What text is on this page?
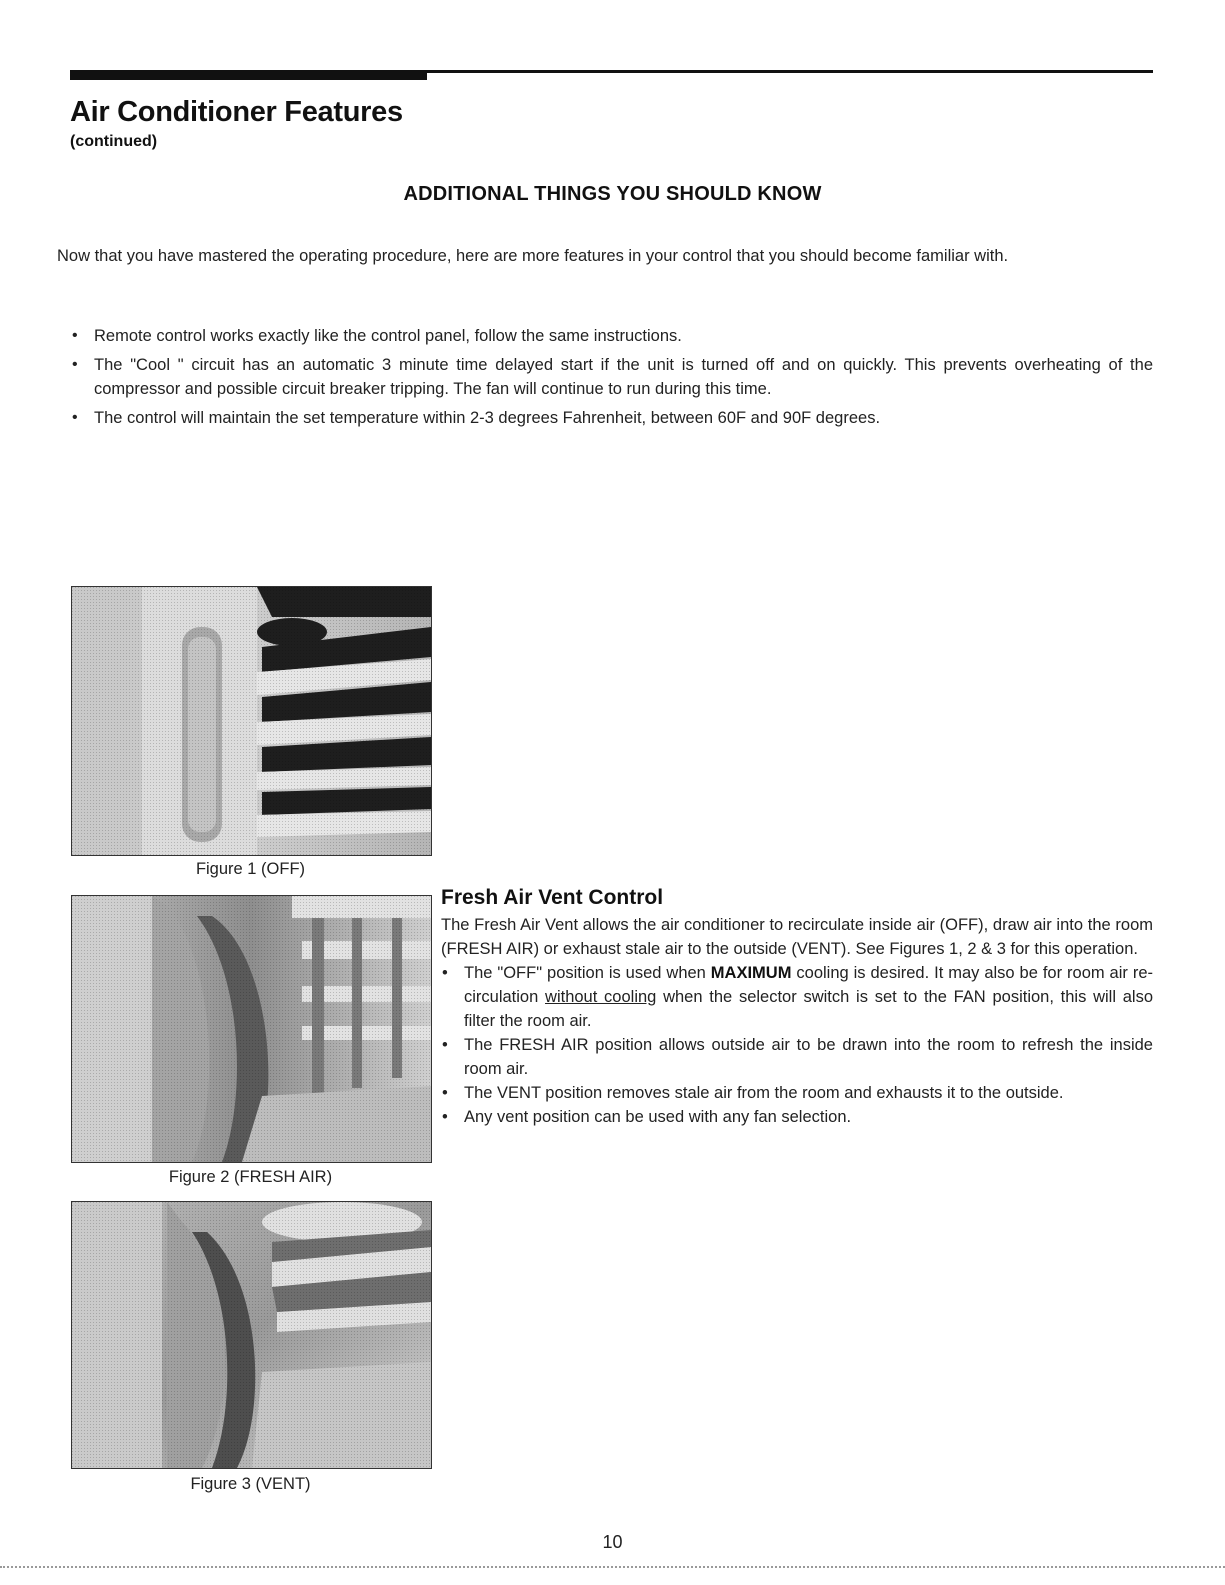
Air Conditioner Features
(continued)
ADDITIONAL THINGS YOU SHOULD KNOW

Now that you have mastered the operating procedure, here are more features in your control that you should become familiar with.

• Remote control works exactly like the control panel, follow the same instructions.
• The "Cool " circuit has an automatic 3 minute time delayed start if the unit is turned off and on quickly. This prevents overheating of the compressor and possible circuit breaker tripping. The fan will continue to run during this time.
• The control will maintain the set temperature within 2-3 degrees Fahrenheit, between 60F and 90F degrees.
Figure 1 (OFF)
Figure 2 (FRESH AIR)
Figure 3 (VENT)
Fresh Air Vent Control

The Fresh Air Vent allows the air conditioner to recirculate inside air (OFF), draw air into the room (FRESH AIR) or exhaust stale air to the outside (VENT). See Figures 1, 2 & 3 for this operation.

• The "OFF" position is used when MAXIMUM cooling is desired. It may also be for room air re-circulation without cooling when the selector switch is set to the FAN position, this will also filter the room air.
• The FRESH AIR position allows outside air to be drawn into the room to refresh the inside room air.
• The VENT position removes stale air from the room and exhausts it to the outside.
• Any vent position can be used with any fan selection.
10
